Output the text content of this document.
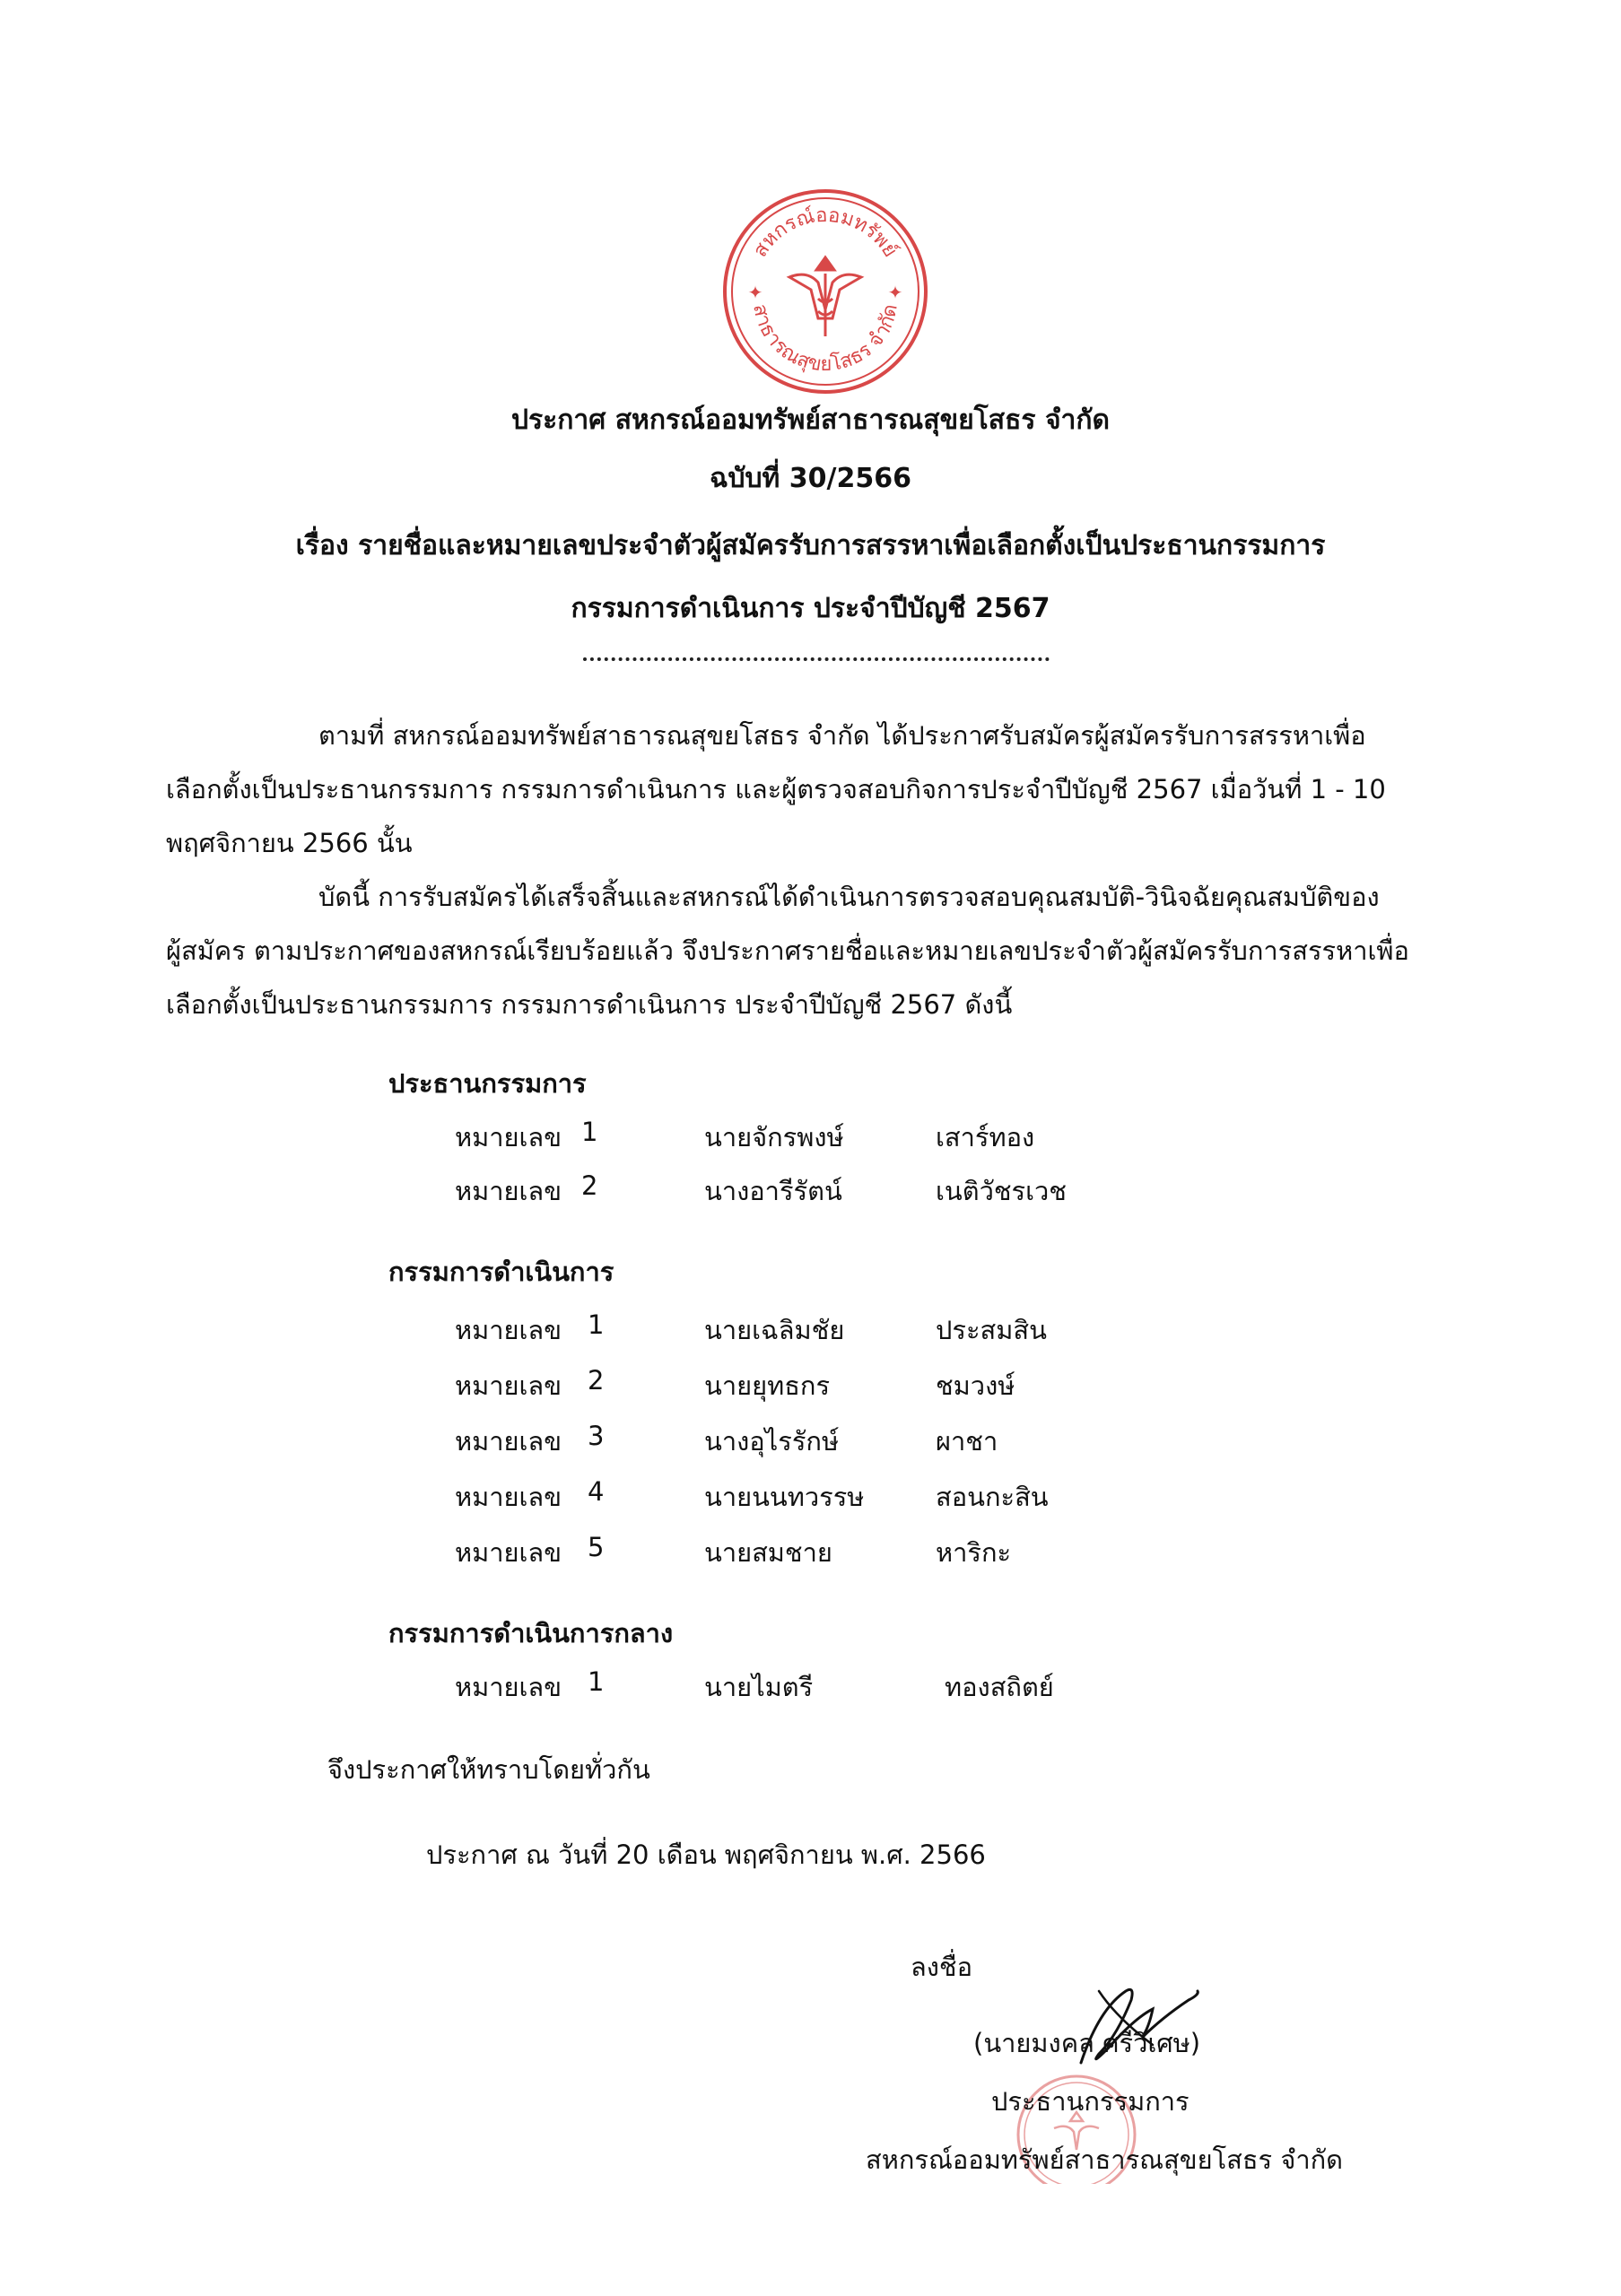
สหกรณ์ออมทรัพย์
สาธารณสุขยโสธร จำกัด
✦	✦
ประกาศ สหกรณ์ออมทรัพย์สาธารณสุขยโสธร จำกัด
ฉบับที่ 30/2566
เรื่อง รายชื่อและหมายเลขประจำตัวผู้สมัครรับการสรรหาเพื่อเลือกตั้งเป็นประธานกรรมการ
กรรมการดำเนินการ ประจำปีบัญชี 2567
ตามที่ สหกรณ์ออมทรัพย์สาธารณสุขยโสธร จำกัด ได้ประกาศรับสมัครผู้สมัครรับการสรรหาเพื่อ
เลือกตั้งเป็นประธานกรรมการ กรรมการดำเนินการ และผู้ตรวจสอบกิจการประจำปีบัญชี 2567 เมื่อวันที่ 1 - 10
พฤศจิกายน 2566 นั้น
บัดนี้ การรับสมัครได้เสร็จสิ้นและสหกรณ์ได้ดำเนินการตรวจสอบคุณสมบัติ-วินิจฉัยคุณสมบัติของ
ผู้สมัคร ตามประกาศของสหกรณ์เรียบร้อยแล้ว จึงประกาศรายชื่อและหมายเลขประจำตัวผู้สมัครรับการสรรหาเพื่อ
เลือกตั้งเป็นประธานกรรมการ กรรมการดำเนินการ ประจำปีบัญชี 2567 ดังนี้
ประธานกรรมการ
หมายเลข 1	นายจักรพงษ์	เสาร์ทอง
หมายเลข 2	นางอารีรัตน์	เนติวัชรเวช
กรรมการดำเนินการ
หมายเลข 1	นายเฉลิมชัย	ประสมสิน
หมายเลข 2	นายยุทธกร	ชมวงษ์
หมายเลข 3	นางอุไรรักษ์	ผาชา
หมายเลข 4	นายนนทวรรษ	สอนกะสิน
หมายเลข 5	นายสมชาย	หาริกะ
กรรมการดำเนินการกลาง
หมายเลข 1	นายไมตรี	ทองสถิตย์
จึงประกาศให้ทราบโดยทั่วกัน
ประกาศ ณ วันที่ 20 เดือน พฤศจิกายน พ.ศ. 2566
ลงชื่อ
(นายมงคล ศรีวิเศษ)
ประธานกรรมการ
สหกรณ์ออมทรัพย์สาธารณสุขยโสธร จำกัด
